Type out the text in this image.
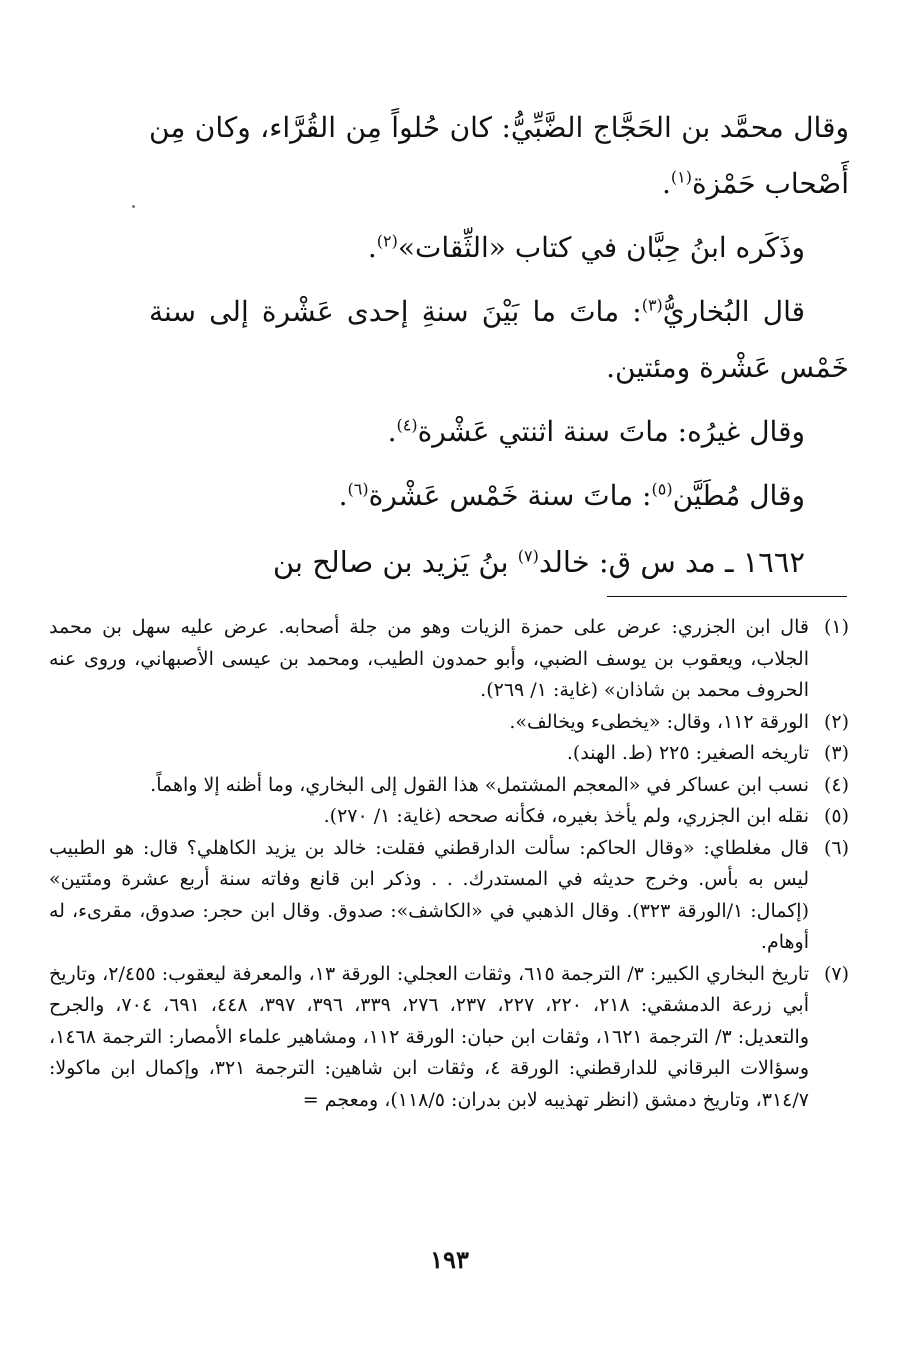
وقال محمَّد بن الحَجَّاج الضَّبِّيُّ: كان حُلواً مِن القُرَّاء، وكان مِن أَصْحاب حَمْزة$^{(١)}$.

وذَكَره ابنُ حِبَّان في كتاب «الثِّقات»$^{(٢)}$.

قال البُخاريُّ$^{(٣)}$: ماتَ ما بَيْنَ سنةِ إحدى عَشْرة إلى سنة خَمْس عَشْرة ومئتين.

وقال غيرُه: ماتَ سنة اثنتي عَشْرة$^{(٤)}$.

وقال مُطَيَّن$^{(٥)}$: ماتَ سنة خَمْس عَشْرة$^{(٦)}$.

١٦٦٢ ـ مد س ق: خالد$^{(٧)}$ بنُ يَزيد بن صالح بن

(١)
قال ابن الجزري: عرض على حمزة الزيات وهو من جلة أصحابه. عرض عليه سهل بن محمد الجلاب، ويعقوب بن يوسف الضبي، وأبو حمدون الطيب، ومحمد بن عيسى الأصبهاني، وروى عنه الحروف محمد بن شاذان» (غاية: ١/ ٢٦٩).
(٢)
الورقة ١١٢، وقال: «يخطىء ويخالف».
(٣)
تاريخه الصغير: ٢٢٥ (ط. الهند).
(٤)
نسب ابن عساكر في «المعجم المشتمل» هذا القول إلى البخاري، وما أظنه إلا واهماً.
(٥)
نقله ابن الجزري، ولم يأخذ بغيره، فكأنه صححه (غاية: ١/ ٢٧٠).
(٦)
قال مغلطاي: «وقال الحاكم: سألت الدارقطني فقلت: خالد بن يزيد الكاهلي؟ قال: هو الطبيب ليس به بأس. وخرج حديثه في المستدرك. . . وذكر ابن قانع وفاته سنة أربع عشرة ومئتين» (إكمال: ١/الورقة ٣٢٣). وقال الذهبي في «الكاشف»: صدوق. وقال ابن حجر: صدوق، مقرىء، له أوهام.
(٧)
تاريخ البخاري الكبير: ٣/ الترجمة ٦١٥، وثقات العجلي: الورقة ١٣، والمعرفة ليعقوب: ٢/٤٥٥، وتاريخ أبي زرعة الدمشقي: ٢١٨، ٢٢٠، ٢٢٧، ٢٣٧، ٢٧٦، ٣٣٩، ٣٩٦، ٣٩٧، ٤٤٨، ٦٩١، ٧٠٤، والجرح والتعديل: ٣/ الترجمة ١٦٢١، وثقات ابن حبان: الورقة ١١٢، ومشاهير علماء الأمصار: الترجمة ١٤٦٨، وسؤالات البرقاني للدارقطني: الورقة ٤، وثقات ابن شاهين: الترجمة ٣٢١، وإكمال ابن ماكولا: ٣١٤/٧، وتاريخ دمشق (انظر تهذيبه لابن بدران: ١١٨/٥)، ومعجم =
١٩٣
